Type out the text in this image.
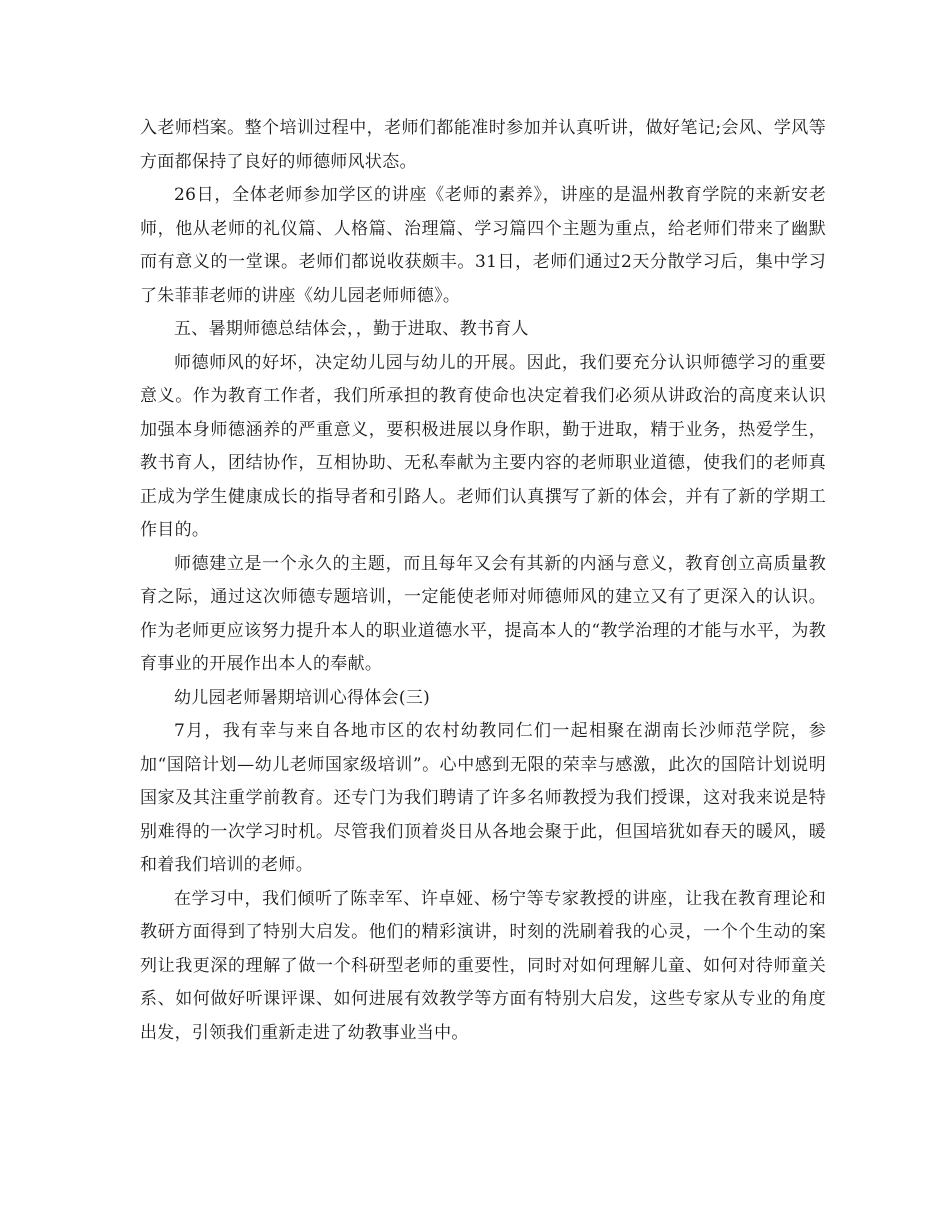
入老师档案。整个培训过程中，老师们都能准时参加并认真听讲，做好笔记;会风、学风等方面都保持了良好的师德师风状态。

26日，全体老师参加学区的讲座《老师的素养》，讲座的是温州教育学院的来新安老师，他从老师的礼仪篇、人格篇、治理篇、学习篇四个主题为重点，给老师们带来了幽默而有意义的一堂课。老师们都说收获颇丰。31日，老师们通过2天分散学习后，集中学习了朱菲菲老师的讲座《幼儿园老师师德》。

五、暑期师德总结体会，，勤于进取、教书育人

师德师风的好坏，决定幼儿园与幼儿的开展。因此，我们要充分认识师德学习的重要意义。作为教育工作者，我们所承担的教育使命也决定着我们必须从讲政治的高度来认识加强本身师德涵养的严重意义，要积极进展以身作职，勤于进取，精于业务，热爱学生，教书育人，团结协作，互相协助、无私奉献为主要内容的老师职业道德，使我们的老师真正成为学生健康成长的指导者和引路人。老师们认真撰写了新的体会，并有了新的学期工作目的。

师德建立是一个永久的主题，而且每年又会有其新的内涵与意义，教育创立高质量教育之际，通过这次师德专题培训，一定能使老师对师德师风的建立又有了更深入的认识。作为老师更应该努力提升本人的职业道德水平，提高本人的“教学治理的才能与水平，为教育事业的开展作出本人的奉献。

幼儿园老师暑期培训心得体会(三)

7月，我有幸与来自各地市区的农村幼教同仁们一起相聚在湖南长沙师范学院，参加“国陪计划—幼儿老师国家级培训”。心中感到无限的荣幸与感激，此次的国陪计划说明国家及其注重学前教育。还专门为我们聘请了许多名师教授为我们授课，这对我来说是特别难得的一次学习时机。尽管我们顶着炎日从各地会聚于此，但国培犹如春天的暖风，暖和着我们培训的老师。

在学习中，我们倾听了陈幸军、许卓娅、杨宁等专家教授的讲座，让我在教育理论和教研方面得到了特别大启发。他们的精彩演讲，时刻的洗刷着我的心灵，一个个生动的案列让我更深的理解了做一个科研型老师的重要性，同时对如何理解儿童、如何对待师童关系、如何做好听课评课、如何进展有效教学等方面有特别大启发，这些专家从专业的角度出发，引领我们重新走进了幼教事业当中。
